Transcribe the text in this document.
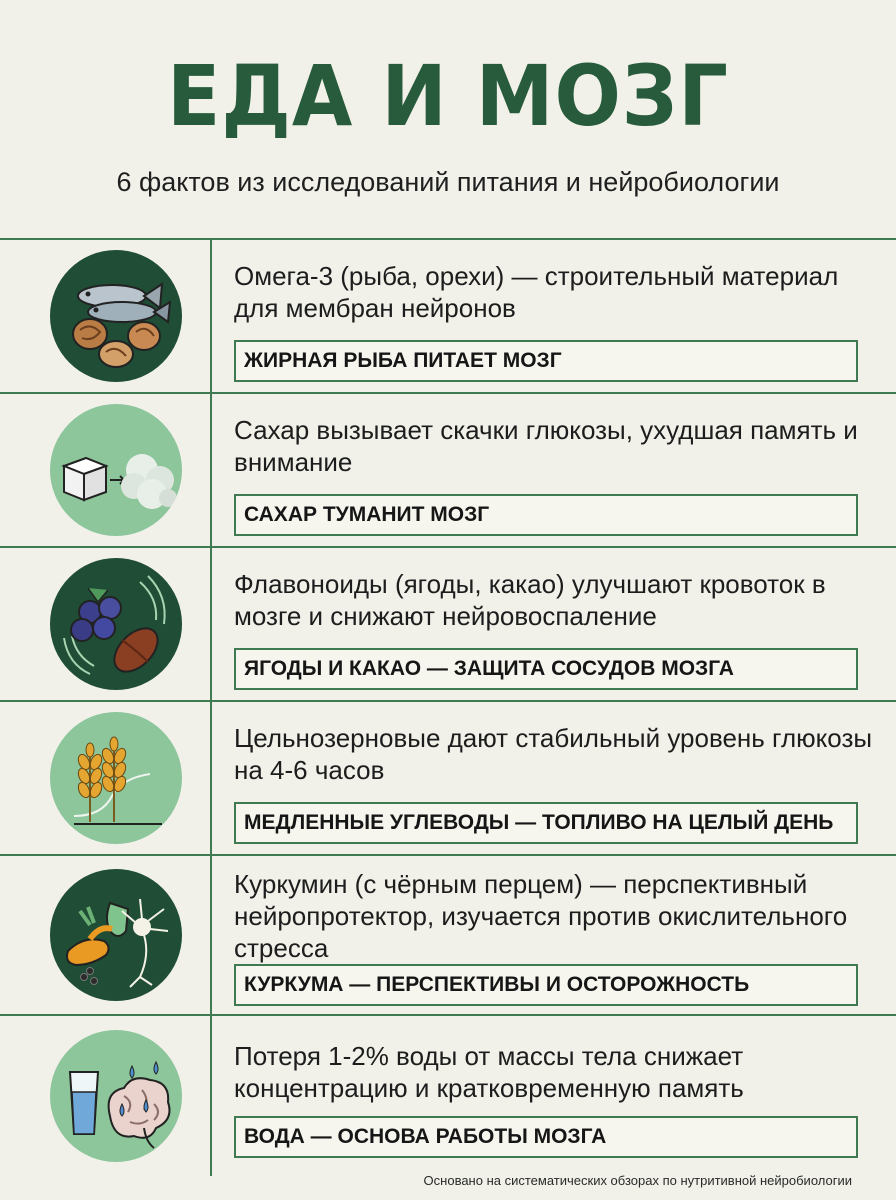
ЕДА И МОЗГ
6 фактов из исследований питания и нейробиологии
Омега-3 (рыба, орехи) — строительный материал для мембран нейронов
ЖИРНАЯ РЫБА ПИТАЕТ МОЗГ
Сахар вызывает скачки глюкозы, ухудшая память и внимание
САХАР ТУМАНИТ МОЗГ
Флавоноиды (ягоды, какао) улучшают кровоток в мозге и снижают нейровоспаление
ЯГОДЫ И КАКАО — ЗАЩИТА СОСУДОВ МОЗГА
Цельнозерновые дают стабильный уровень глюкозы на 4-6 часов
МЕДЛЕННЫЕ УГЛЕВОДЫ — ТОПЛИВО НА ЦЕЛЫЙ ДЕНЬ
Куркумин (с чёрным перцем) — перспективный нейропротектор, изучается против окислительного стресса
КУРКУМА — ПЕРСПЕКТИВЫ И ОСТОРОЖНОСТЬ
Потеря 1-2% воды от массы тела снижает концентрацию и кратковременную память
ВОДА — ОСНОВА РАБОТЫ МОЗГА
Основано на систематических обзорах по нутритивной нейробиологии
